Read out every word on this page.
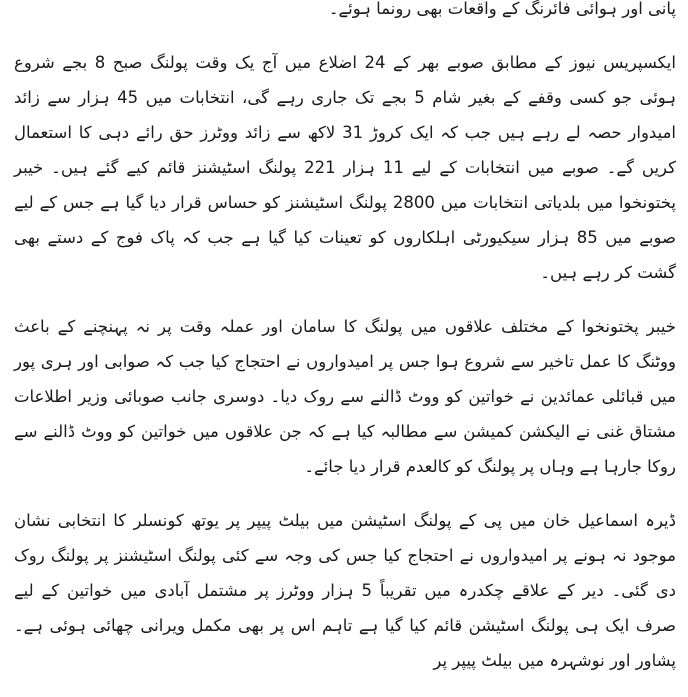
پانی اور ہوائی فائرنگ کے واقعات بھی رونما ہوئے۔

ایکسپریس نیوز کے مطابق صوبے بھر کے 24 اضلاع میں آج یک وقت پولنگ صبح 8 بجے شروع ہوئی جو کسی وقفے کے بغیر شام 5 بجے تک جاری رہے گی، انتخابات میں 45 ہزار سے زائد امیدوار حصہ لے رہے ہیں جب کہ ایک کروڑ 31 لاکھ سے زائد ووٹرز حق رائے دہی کا استعمال کریں گے۔ صوبے میں انتخابات کے لیے 11 ہزار 221 پولنگ اسٹیشنز قائم کیے گئے ہیں۔ خیبر پختونخوا میں بلدیاتی انتخابات میں 2800 پولنگ اسٹیشنز کو حساس قرار دیا گیا ہے جس کے لیے صوبے میں 85 ہزار سیکیورٹی اہلکاروں کو تعینات کیا گیا ہے جب کہ پاک فوج کے دستے بھی گشت کر رہے ہیں۔

خیبر پختونخوا کے مختلف علاقوں میں پولنگ کا سامان اور عملہ وقت پر نہ پہنچنے کے باعث ووٹنگ کا عمل تاخیر سے شروع ہوا جس پر امیدواروں نے احتجاج کیا جب کہ صوابی اور ہری پور میں قبائلی عمائدین نے خواتین کو ووٹ ڈالنے سے روک دیا۔ دوسری جانب صوبائی وزیر اطلاعات مشتاق غنی نے الیکشن کمیشن سے مطالبہ کیا ہے کہ جن علاقوں میں خواتین کو ووٹ ڈالنے سے روکا جارہا ہے وہاں پر پولنگ کو کالعدم قرار دیا جائے۔

ڈیرہ اسماعیل خان میں پی کے پولنگ اسٹیشن میں بیلٹ پیپر پر یوتھ کونسلر کا انتخابی نشان موجود نہ ہونے پر امیدواروں نے احتجاج کیا جس کی وجہ سے کئی پولنگ اسٹیشنز پر پولنگ روک دی گئی۔ دیر کے علاقے چکدرہ میں تقریباً 5 ہزار ووٹرز پر مشتمل آبادی میں خواتین کے لیے صرف ایک ہی پولنگ اسٹیشن قائم کیا گیا ہے تاہم اس پر بھی مکمل ویرانی چھائی ہوئی ہے۔ پشاور اور نوشہرہ میں بیلٹ پیپر پر
